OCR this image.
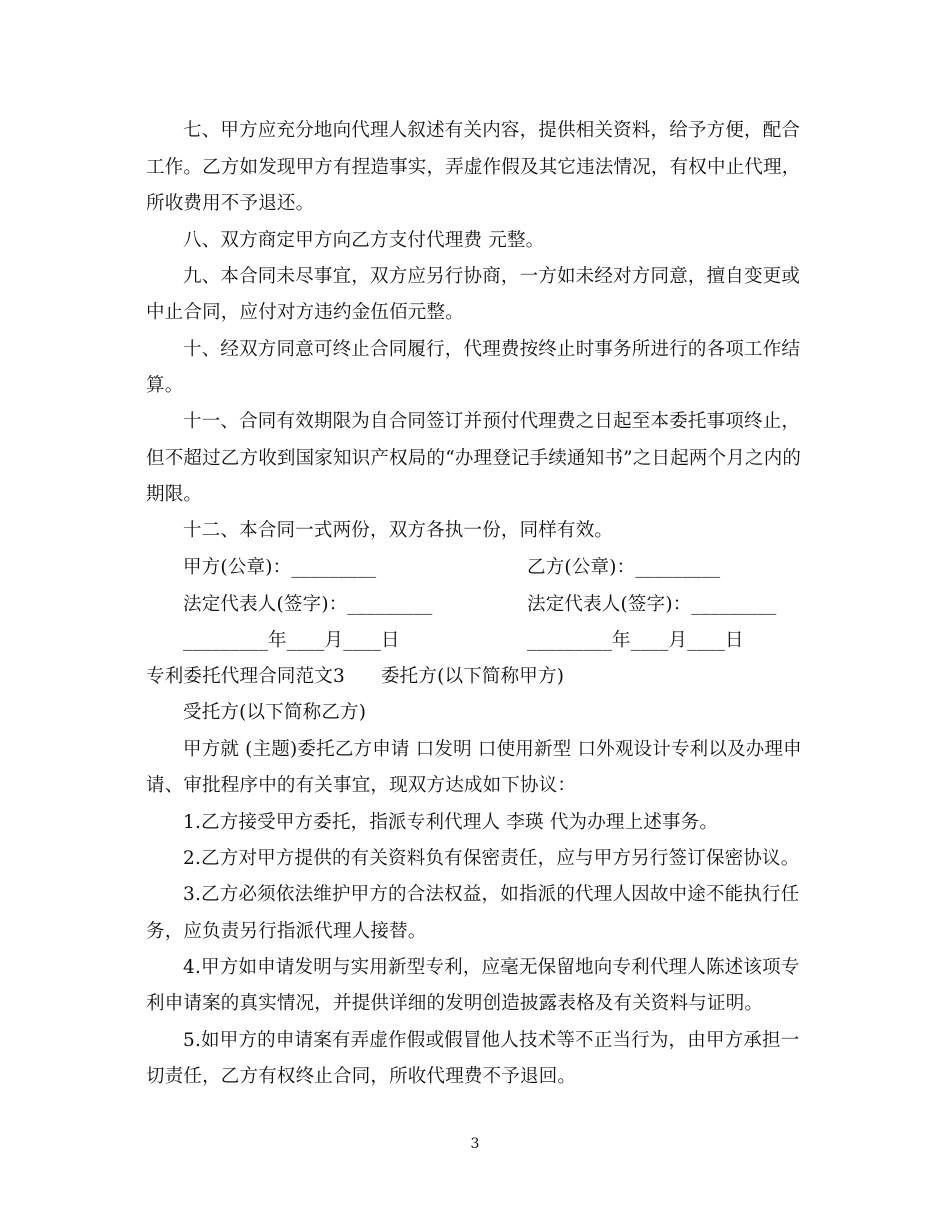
七、甲方应充分地向代理人叙述有关内容，提供相关资料，给予方便，配合
工作。乙方如发现甲方有捏造事实，弄虚作假及其它违法情况，有权中止代理，
所收费用不予退还。
八、双方商定甲方向乙方支付代理费 元整。
九、本合同未尽事宜，双方应另行协商，一方如未经对方同意，擅自变更或
中止合同，应付对方违约金伍佰元整。
十、经双方同意可终止合同履行，代理费按终止时事务所进行的各项工作结
算。
十一、合同有效期限为自合同签订并预付代理费之日起至本委托事项终止，
但不超过乙方收到国家知识产权局的“办理登记手续通知书”之日起两个月之内的
期限。
十二、本合同一式两份，双方各执一份，同样有效。
甲方(公章)：_________	乙方(公章)：_________
法定代表人(签字)：_________	法定代表人(签字)：_________
_________年____月____日	_________年____月____日
专利委托代理合同范文3 委托方(以下简称甲方)
受托方(以下简称乙方)
甲方就 (主题)委托乙方申请 口发明 口使用新型 口外观设计专利以及办理申
请、审批程序中的有关事宜，现双方达成如下协议：
1.乙方接受甲方委托，指派专利代理人 李瑛 代为办理上述事务。
2.乙方对甲方提供的有关资料负有保密责任，应与甲方另行签订保密协议。
3.乙方必须依法维护甲方的合法权益，如指派的代理人因故中途不能执行任
务，应负责另行指派代理人接替。
4.甲方如申请发明与实用新型专利，应毫无保留地向专利代理人陈述该项专
利申请案的真实情况，并提供详细的发明创造披露表格及有关资料与证明。
5.如甲方的申请案有弄虚作假或假冒他人技术等不正当行为，由甲方承担一
切责任，乙方有权终止合同，所收代理费不予退回。
3
